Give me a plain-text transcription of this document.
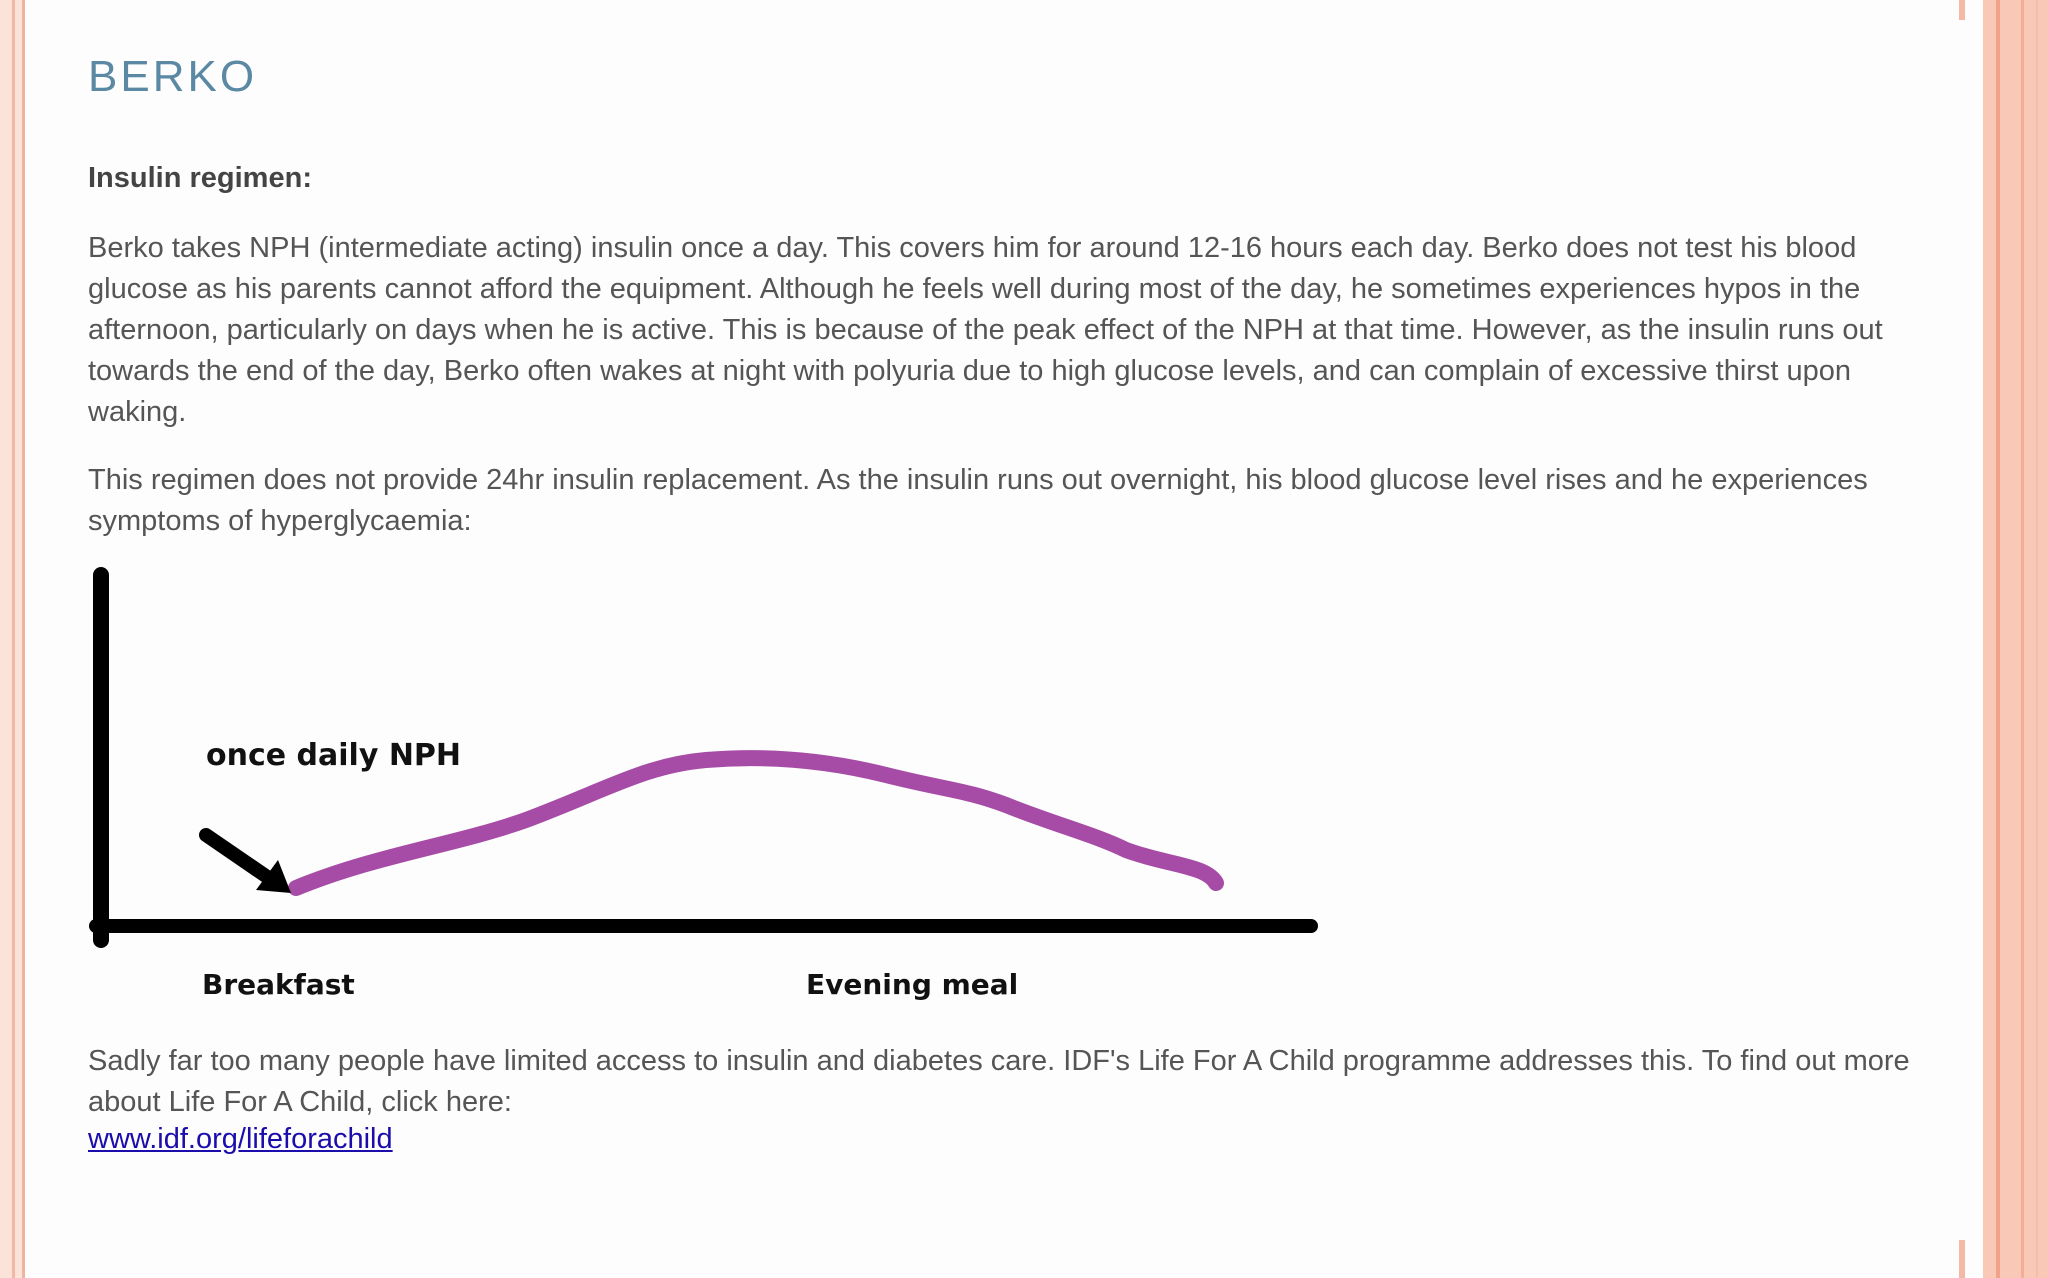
BERKO
Insulin regimen:

Berko takes NPH (intermediate acting) insulin once a day. This covers him for around 12-16 hours each day. Berko does not test his blood glucose as his parents cannot afford the equipment. Although he feels well during most of the day, he sometimes experiences hypos in the afternoon, particularly on days when he is active. This is because of the peak effect of the NPH at that time. However, as the insulin runs out towards the end of the day, Berko often wakes at night with polyuria due to high glucose levels, and can complain of excessive thirst upon waking.

This regimen does not provide 24hr insulin replacement. As the insulin runs out overnight, his blood glucose level rises and he experiences symptoms of hyperglycaemia:

Sadly far too many people have limited access to insulin and diabetes care. IDF's Life For A Child programme addresses this. To find out more about Life For A Child, click here:

www.idf.org/lifeforachild
once daily NPH
Breakfast	Evening meal
